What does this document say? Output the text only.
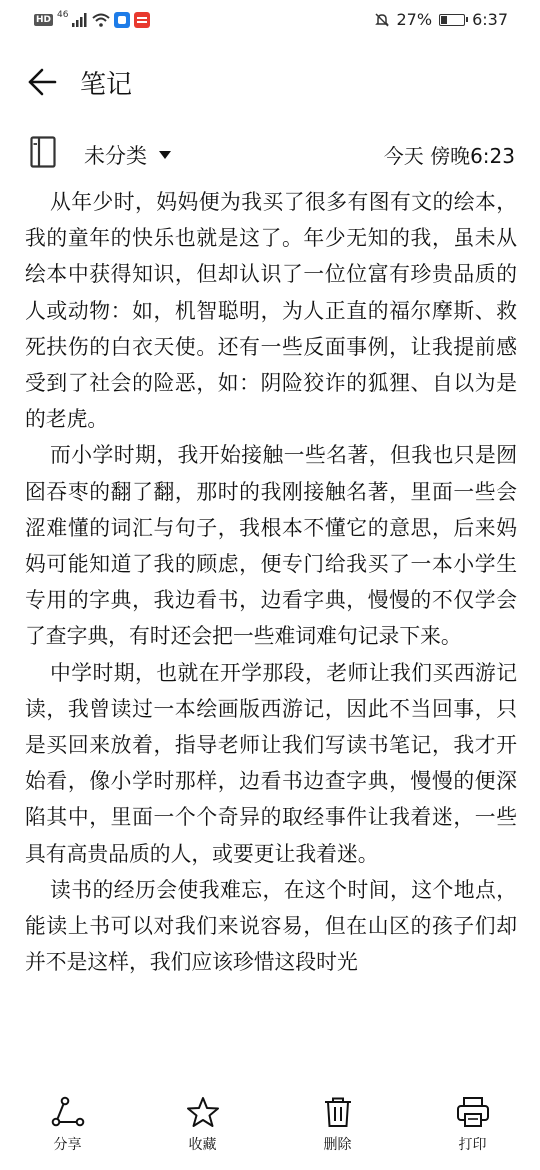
HD 46	27%	6:37
笔记
未分类	今天 傍晚6:23

从年少时，妈妈便为我买了很多有图有文的绘本，我的童年的快乐也就是这了。年少无知的我，虽未从绘本中获得知识，但却认识了一位位富有珍贵品质的人或动物：如，机智聪明，为人正直的福尔摩斯、救死扶伤的白衣天使。还有一些反面事例，让我提前感受到了社会的险恶，如：阴险狡诈的狐狸、自以为是的老虎。

而小学时期，我开始接触一些名著，但我也只是囫囵吞枣的翻了翻，那时的我刚接触名著，里面一些会涩难懂的词汇与句子，我根本不懂它的意思，后来妈妈可能知道了我的顾虑，便专门给我买了一本小学生专用的字典，我边看书，边看字典，慢慢的不仅学会了查字典，有时还会把一些难词难句记录下来。

中学时期，也就在开学那段，老师让我们买西游记读，我曾读过一本绘画版西游记，因此不当回事，只是买回来放着，指导老师让我们写读书笔记，我才开始看，像小学时那样，边看书边查字典，慢慢的便深陷其中，里面一个个奇异的取经事件让我着迷，一些具有高贵品质的人，或要更让我着迷。

读书的经历会使我难忘，在这个时间，这个地点，能读上书可以对我们来说容易，但在山区的孩子们却并不是这样，我们应该珍惜这段时光

分享	收藏	删除	打印
